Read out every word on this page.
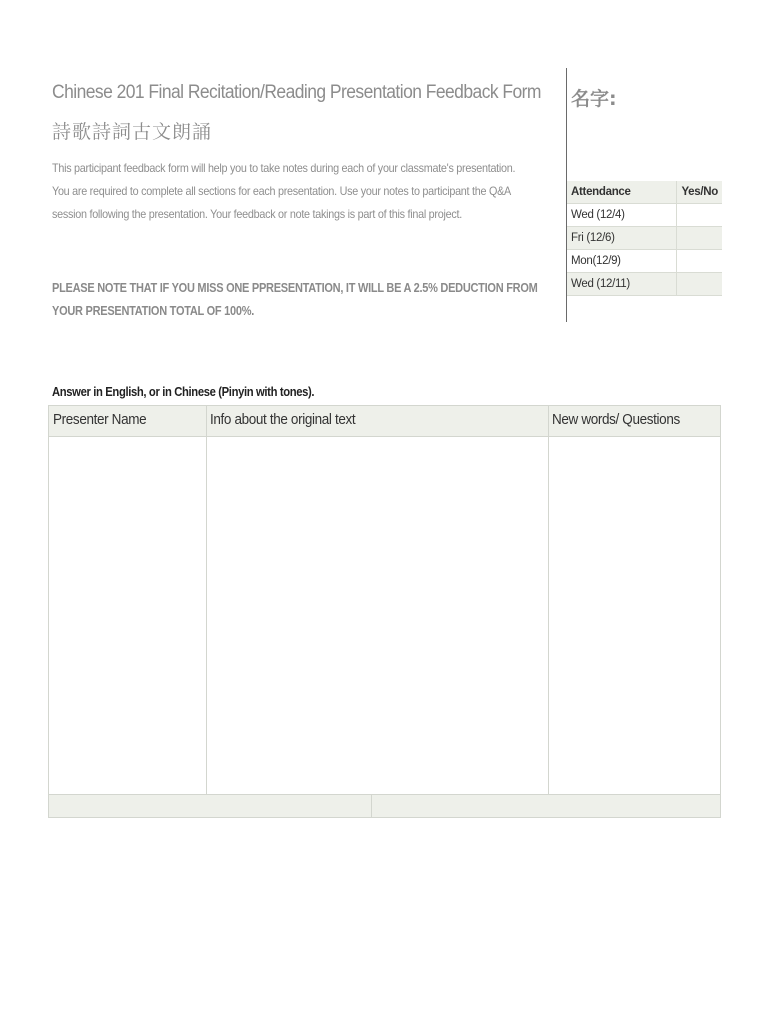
Chinese 201 Final Recitation/Reading Presentation Feedback Form
詩歌詩詞古文朗誦
This participant feedback form will help you to take notes during each of your classmate's presentation.
You are required to complete all sections for each presentation. Use your notes to participant the Q&A
session following the presentation. Your feedback or note takings is part of this final project.
PLEASE NOTE THAT IF YOU MISS ONE PPRESENTATION, IT WILL BE A 2.5% DEDUCTION FROM
YOUR PRESENTATION TOTAL OF 100%.
名字:
Attendance	Yes/No
Wed (12/4)	
Fri (12/6)	
Mon(12/9)	
Wed (12/11)	
Answer in English, or in Chinese (Pinyin with tones).
Presenter Name	Info about the original text	New words/ Questions
